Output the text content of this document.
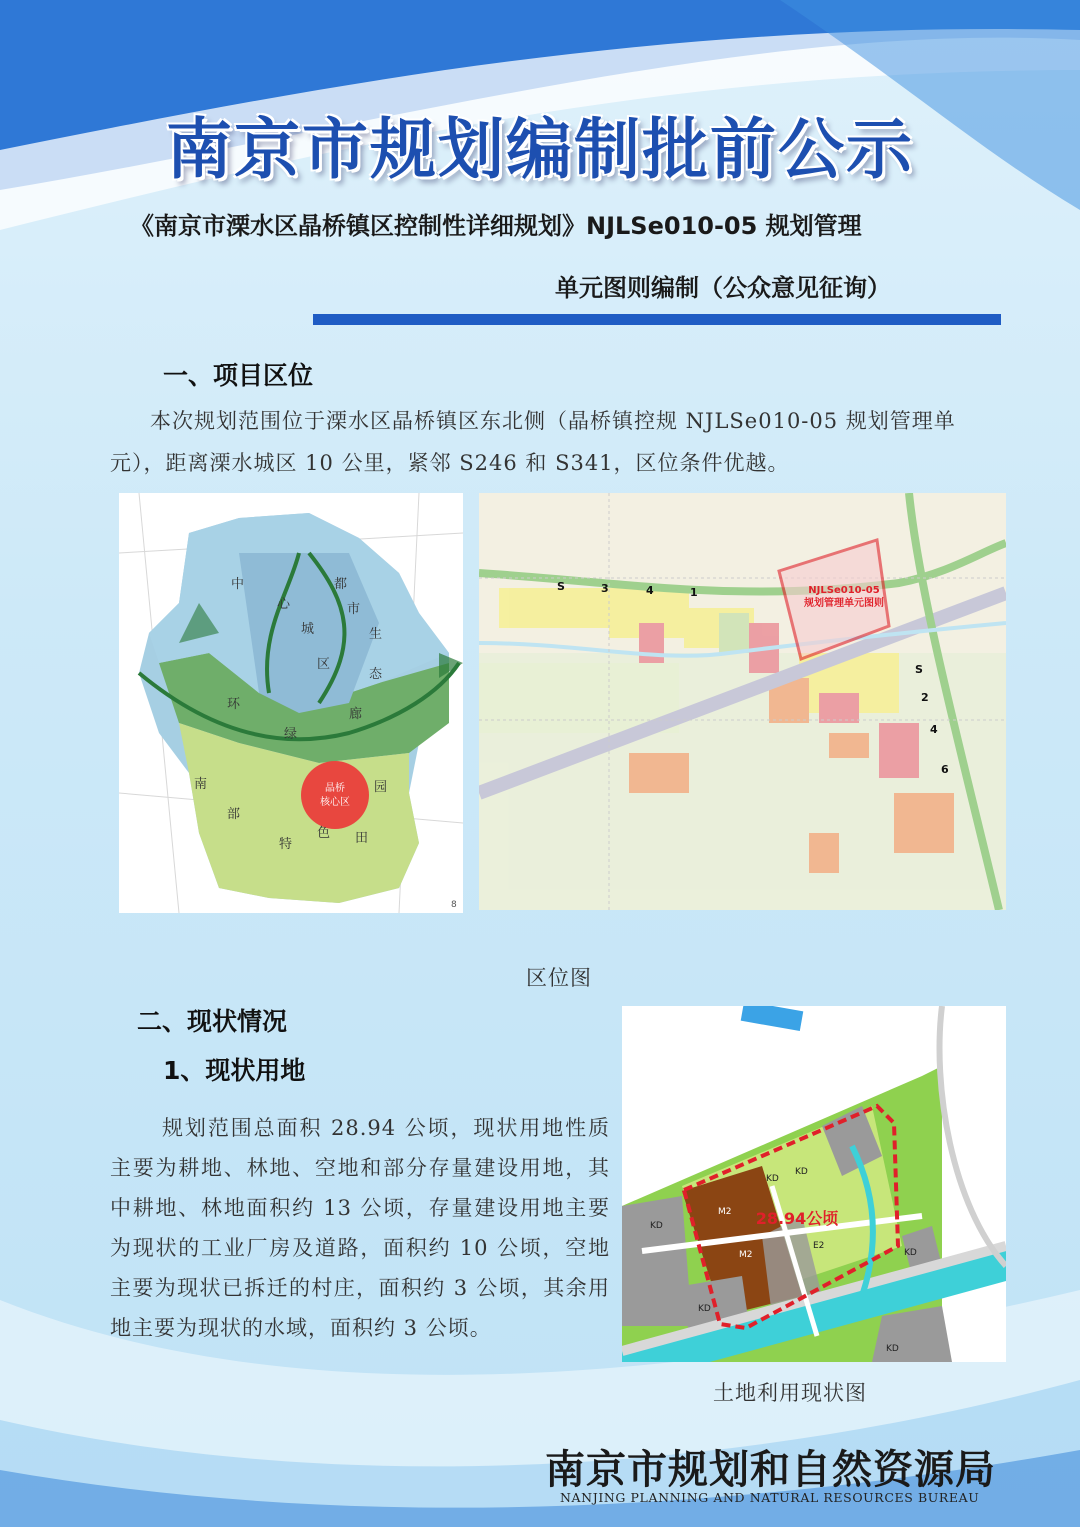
南京市规划编制批前公示
《南京市溧水区晶桥镇区控制性详细规划》NJLSe010-05 规划管理
单元图则编制（公众意见征询）
一、项目区位
本次规划范围位于溧水区晶桥镇区东北侧（晶桥镇控规 NJLSe010-05 规划管理单元），距离溧水城区 10 公里，紧邻 S246 和 S341，区位条件优越。
晶桥
核心区
中
心
城
区
都
市
生
态
环
绿
廊
南
部
特
色 田
园
8
NJLSe010-05
规划管理单元图则
S	3	4	1
S
2
4
6
区位图
二、现状情况
1、现状用地
规划范围总面积 28.94 公顷，现状用地性质主要为耕地、林地、空地和部分存量建设用地，其中耕地、林地面积约 13 公顷，存量建设用地主要为现状的工业厂房及道路，面积约 10 公顷，空地主要为现状已拆迁的村庄，面积约 3 公顷，其余用地主要为现状的水域，面积约 3 公顷。
28.94公顷
KD
KD
KD
KD
KD
KD
M2
M2
E2
土地利用现状图
南京市规划和自然资源局
NANJING PLANNING AND NATURAL RESOURCES BUREAU
